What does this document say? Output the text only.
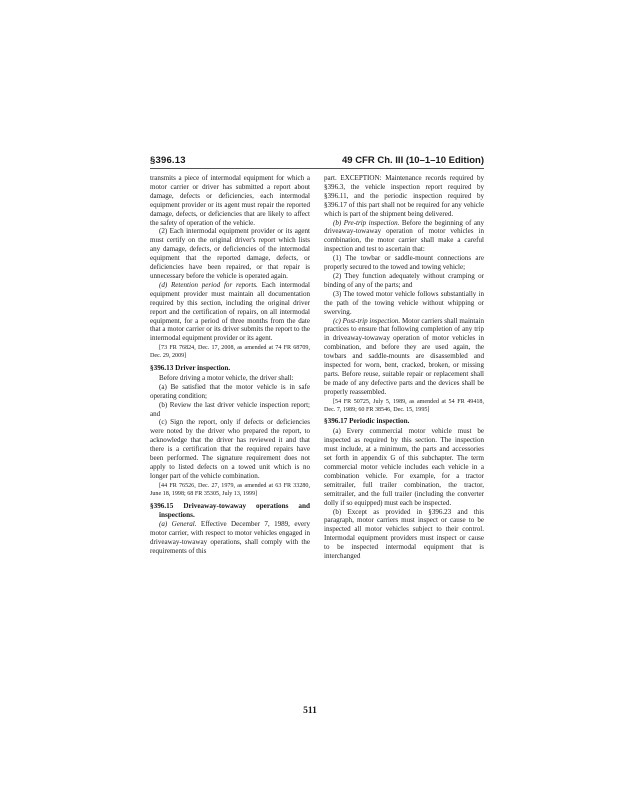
§396.13	49 CFR Ch. III (10–1–10 Edition)

transmits a piece of intermodal equipment for which a motor carrier or driver has submitted a report about damage, defects or deficiencies, each intermodal equipment provider or its agent must repair the reported damage, defects, or deficiencies that are likely to affect the safety of operation of the vehicle.

(2) Each intermodal equipment provider or its agent must certify on the original driver's report which lists any damage, defects, or deficiencies of the intermodal equipment that the reported damage, defects, or deficiencies have been repaired, or that repair is unnecessary before the vehicle is operated again.

(d) Retention period for reports. Each intermodal equipment provider must maintain all documentation required by this section, including the original driver report and the certification of repairs, on all intermodal equipment, for a period of three months from the date that a motor carrier or its driver submits the report to the intermodal equipment provider or its agent.

[73 FR 76824, Dec. 17, 2008, as amended at 74 FR 68709, Dec. 29, 2009]

§396.13 Driver inspection.

Before driving a motor vehicle, the driver shall:

(a) Be satisfied that the motor vehicle is in safe operating condition;

(b) Review the last driver vehicle inspection report; and

(c) Sign the report, only if defects or deficiencies were noted by the driver who prepared the report, to acknowledge that the driver has reviewed it and that there is a certification that the required repairs have been performed. The signature requirement does not apply to listed defects on a towed unit which is no longer part of the vehicle combination.

[44 FR 76526, Dec. 27, 1979, as amended at 63 FR 33280, June 18, 1998; 68 FR 35305, July 13, 1999]

§396.15 Driveaway-towaway operations and inspections.

(a) General. Effective December 7, 1989, every motor carrier, with respect to motor vehicles engaged in driveaway-towaway operations, shall comply with the requirements of this

part. EXCEPTION: Maintenance records required by §396.3, the vehicle inspection report required by §396.11, and the periodic inspection required by §396.17 of this part shall not be required for any vehicle which is part of the shipment being delivered.

(b) Pre-trip inspection. Before the beginning of any driveaway-towaway operation of motor vehicles in combination, the motor carrier shall make a careful inspection and test to ascertain that:

(1) The towbar or saddle-mount connections are properly secured to the towed and towing vehicle;

(2) They function adequately without cramping or binding of any of the parts; and

(3) The towed motor vehicle follows substantially in the path of the towing vehicle without whipping or swerving.

(c) Post-trip inspection. Motor carriers shall maintain practices to ensure that following completion of any trip in driveaway-towaway operation of motor vehicles in combination, and before they are used again, the towbars and saddle-mounts are disassembled and inspected for worn, bent, cracked, broken, or missing parts. Before reuse, suitable repair or replacement shall be made of any defective parts and the devices shall be properly reassembled.

[54 FR 50725, July 5, 1989, as amended at 54 FR 49418, Dec. 7, 1989; 60 FR 38546, Dec. 15, 1995]

§396.17 Periodic inspection.

(a) Every commercial motor vehicle must be inspected as required by this section. The inspection must include, at a minimum, the parts and accessories set forth in appendix G of this subchapter. The term commercial motor vehicle includes each vehicle in a combination vehicle. For example, for a tractor semitrailer, full trailer combination, the tractor, semitrailer, and the full trailer (including the converter dolly if so equipped) must each be inspected.

(b) Except as provided in §396.23 and this paragraph, motor carriers must inspect or cause to be inspected all motor vehicles subject to their control. Intermodal equipment providers must inspect or cause to be inspected intermodal equipment that is interchanged

511
